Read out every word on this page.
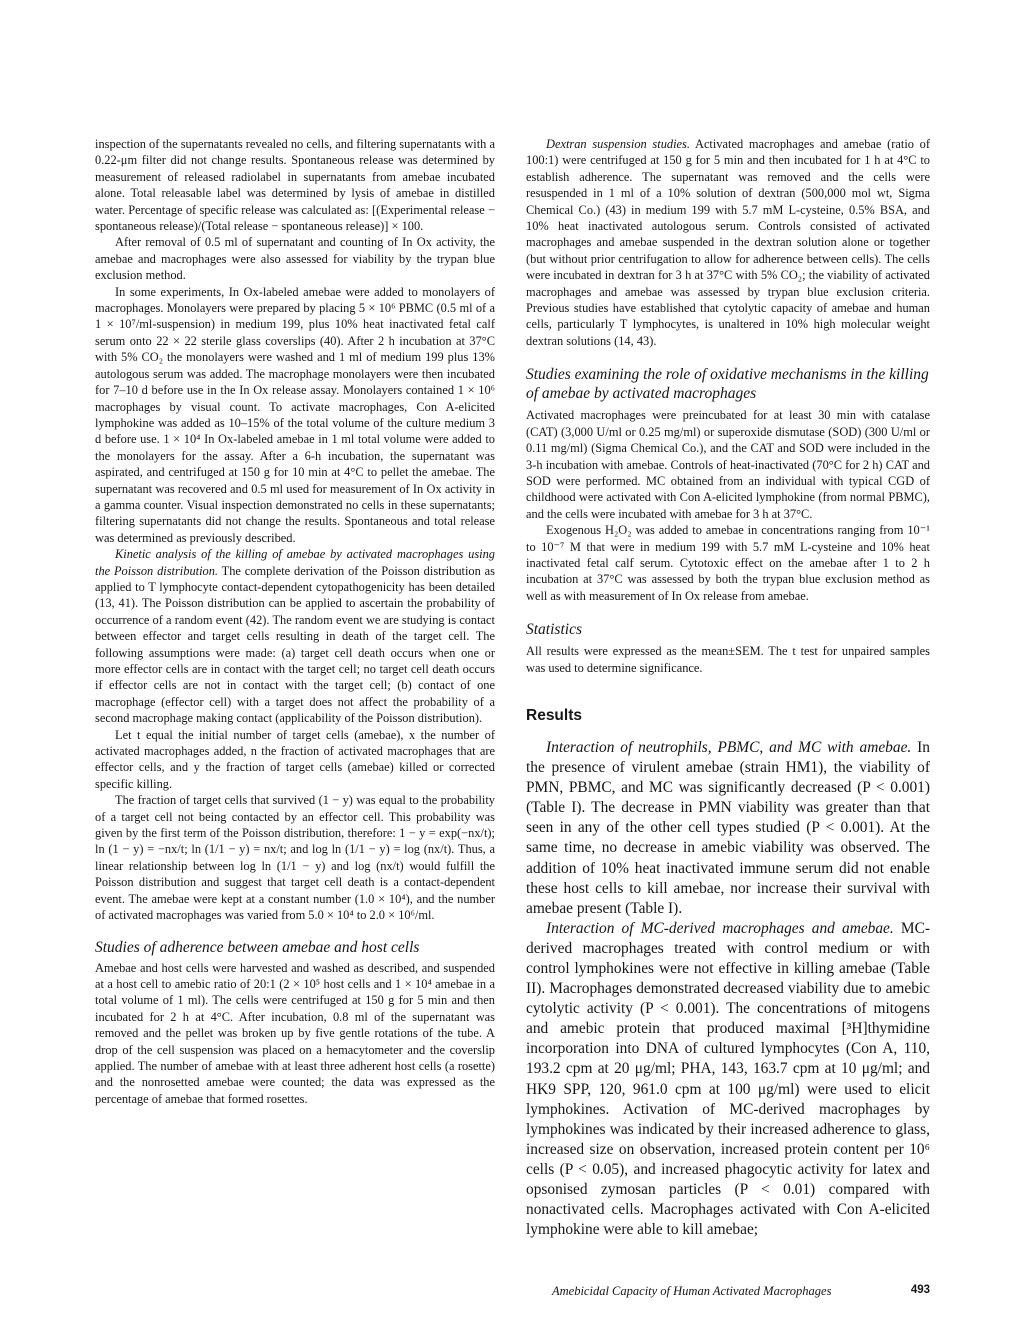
inspection of the supernatants revealed no cells, and filtering supernatants with a 0.22-μm filter did not change results. Spontaneous release was determined by measurement of released radiolabel in supernatants from amebae incubated alone. Total releasable label was determined by lysis of amebae in distilled water. Percentage of specific release was calculated as: [(Experimental release − spontaneous release)/(Total release − spontaneous release)] × 100.

After removal of 0.5 ml of supernatant and counting of In Ox activity, the amebae and macrophages were also assessed for viability by the trypan blue exclusion method.

In some experiments, In Ox-labeled amebae were added to monolayers of macrophages. Monolayers were prepared by placing 5 × 10⁶ PBMC (0.5 ml of a 1 × 10⁷/ml-suspension) in medium 199, plus 10% heat inactivated fetal calf serum onto 22 × 22 sterile glass coverslips (40). After 2 h incubation at 37°C with 5% CO₂ the monolayers were washed and 1 ml of medium 199 plus 13% autologous serum was added. The macrophage monolayers were then incubated for 7–10 d before use in the In Ox release assay. Monolayers contained 1 × 10⁶ macrophages by visual count. To activate macrophages, Con A-elicited lymphokine was added as 10–15% of the total volume of the culture medium 3 d before use. 1 × 10⁴ In Ox-labeled amebae in 1 ml total volume were added to the monolayers for the assay. After a 6-h incubation, the supernatant was aspirated, and centrifuged at 150 g for 10 min at 4°C to pellet the amebae. The supernatant was recovered and 0.5 ml used for measurement of In Ox activity in a gamma counter. Visual inspection demonstrated no cells in these supernatants; filtering supernatants did not change the results. Spontaneous and total release was determined as previously described.

Kinetic analysis of the killing of amebae by activated macrophages using the Poisson distribution. The complete derivation of the Poisson distribution as applied to T lymphocyte contact-dependent cytopathogenicity has been detailed (13, 41). The Poisson distribution can be applied to ascertain the probability of occurrence of a random event (42). The random event we are studying is contact between effector and target cells resulting in death of the target cell. The following assumptions were made: (a) target cell death occurs when one or more effector cells are in contact with the target cell; no target cell death occurs if effector cells are not in contact with the target cell; (b) contact of one macrophage (effector cell) with a target does not affect the probability of a second macrophage making contact (applicability of the Poisson distribution).

Let t equal the initial number of target cells (amebae), x the number of activated macrophages added, n the fraction of activated macrophages that are effector cells, and y the fraction of target cells (amebae) killed or corrected specific killing.

The fraction of target cells that survived (1 − y) was equal to the probability of a target cell not being contacted by an effector cell. This probability was given by the first term of the Poisson distribution, therefore: 1 − y = exp(−nx/t); ln (1 − y) = −nx/t; ln (1/1 − y) = nx/t; and log ln (1/1 − y) = log (nx/t). Thus, a linear relationship between log ln (1/1 − y) and log (nx/t) would fulfill the Poisson distribution and suggest that target cell death is a contact-dependent event. The amebae were kept at a constant number (1.0 × 10⁴), and the number of activated macrophages was varied from 5.0 × 10⁴ to 2.0 × 10⁶/ml.

Studies of adherence between amebae and host cells

Amebae and host cells were harvested and washed as described, and suspended at a host cell to amebic ratio of 20:1 (2 × 10⁵ host cells and 1 × 10⁴ amebae in a total volume of 1 ml). The cells were centrifuged at 150 g for 5 min and then incubated for 2 h at 4°C. After incubation, 0.8 ml of the supernatant was removed and the pellet was broken up by five gentle rotations of the tube. A drop of the cell suspension was placed on a hemacytometer and the coverslip applied. The number of amebae with at least three adherent host cells (a rosette) and the nonrosetted amebae were counted; the data was expressed as the percentage of amebae that formed rosettes.

Dextran suspension studies. Activated macrophages and amebae (ratio of 100:1) were centrifuged at 150 g for 5 min and then incubated for 1 h at 4°C to establish adherence. The supernatant was removed and the cells were resuspended in 1 ml of a 10% solution of dextran (500,000 mol wt, Sigma Chemical Co.) (43) in medium 199 with 5.7 mM L-cysteine, 0.5% BSA, and 10% heat inactivated autologous serum. Controls consisted of activated macrophages and amebae suspended in the dextran solution alone or together (but without prior centrifugation to allow for adherence between cells). The cells were incubated in dextran for 3 h at 37°C with 5% CO₂; the viability of activated macrophages and amebae was assessed by trypan blue exclusion criteria. Previous studies have established that cytolytic capacity of amebae and human cells, particularly T lymphocytes, is unaltered in 10% high molecular weight dextran solutions (14, 43).

Studies examining the role of oxidative mechanisms in the killing of amebae by activated macrophages

Activated macrophages were preincubated for at least 30 min with catalase (CAT) (3,000 U/ml or 0.25 mg/ml) or superoxide dismutase (SOD) (300 U/ml or 0.11 mg/ml) (Sigma Chemical Co.), and the CAT and SOD were included in the 3-h incubation with amebae. Controls of heat-inactivated (70°C for 2 h) CAT and SOD were performed. MC obtained from an individual with typical CGD of childhood were activated with Con A-elicited lymphokine (from normal PBMC), and the cells were incubated with amebae for 3 h at 37°C.

Exogenous H₂O₂ was added to amebae in concentrations ranging from 10⁻¹ to 10⁻⁷ M that were in medium 199 with 5.7 mM L-cysteine and 10% heat inactivated fetal calf serum. Cytotoxic effect on the amebae after 1 to 2 h incubation at 37°C was assessed by both the trypan blue exclusion method as well as with measurement of In Ox release from amebae.

Statistics

All results were expressed as the mean±SEM. The t test for unpaired samples was used to determine significance.

Results

Interaction of neutrophils, PBMC, and MC with amebae. In the presence of virulent amebae (strain HM1), the viability of PMN, PBMC, and MC was significantly decreased (P < 0.001) (Table I). The decrease in PMN viability was greater than that seen in any of the other cell types studied (P < 0.001). At the same time, no decrease in amebic viability was observed. The addition of 10% heat inactivated immune serum did not enable these host cells to kill amebae, nor increase their survival with amebae present (Table I).

Interaction of MC-derived macrophages and amebae. MC-derived macrophages treated with control medium or with control lymphokines were not effective in killing amebae (Table II). Macrophages demonstrated decreased viability due to amebic cytolytic activity (P < 0.001). The concentrations of mitogens and amebic protein that produced maximal [³H]thymidine incorporation into DNA of cultured lymphocytes (Con A, 110, 193.2 cpm at 20 μg/ml; PHA, 143, 163.7 cpm at 10 μg/ml; and HK9 SPP, 120, 961.0 cpm at 100 μg/ml) were used to elicit lymphokines. Activation of MC-derived macrophages by lymphokines was indicated by their increased adherence to glass, increased size on observation, increased protein content per 10⁶ cells (P < 0.05), and increased phagocytic activity for latex and opsonised zymosan particles (P < 0.01) compared with nonactivated cells. Macrophages activated with Con A-elicited lymphokine were able to kill amebae;

Amebicidal Capacity of Human Activated Macrophages	493
